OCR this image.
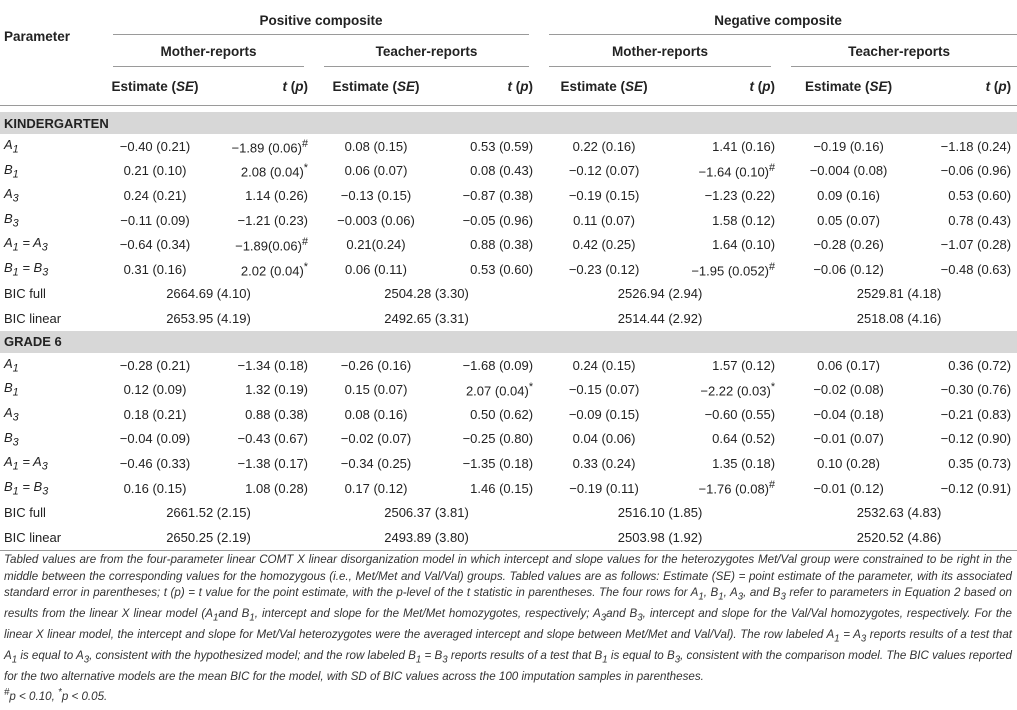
Parameter	Positive composite				Negative composite			
	Mother-reports		Teacher-reports		Mother-reports		Teacher-reports	
	Estimate (SE)	t (p)	Estimate (SE)	t (p)	Estimate (SE)	t (p)	Estimate (SE)	t (p)

KINDERGARTEN								
$A_1$	−0.40 (0.21)	−1.89 (0.06)#	0.08 (0.15)	0.53 (0.59)	0.22 (0.16)	1.41 (0.16)	−0.19 (0.16)	−1.18 (0.24)
$B_1$	0.21 (0.10)	2.08 (0.04)*	0.06 (0.07)	0.08 (0.43)	−0.12 (0.07)	−1.64 (0.10)#	−0.004 (0.08)	−0.06 (0.96)
$A_3$	0.24 (0.21)	1.14 (0.26)	−0.13 (0.15)	−0.87 (0.38)	−0.19 (0.15)	−1.23 (0.22)	0.09 (0.16)	0.53 (0.60)
$B_3$	−0.11 (0.09)	−1.21 (0.23)	−0.003 (0.06)	−0.05 (0.96)	0.11 (0.07)	1.58 (0.12)	0.05 (0.07)	0.78 (0.43)
$A_1 = A_3$	−0.64 (0.34)	−1.89(0.06)#	0.21(0.24)	0.88 (0.38)	0.42 (0.25)	1.64 (0.10)	−0.28 (0.26)	−1.07 (0.28)
$B_1 = B_3$	0.31 (0.16)	2.02 (0.04)*	0.06 (0.11)	0.53 (0.60)	−0.23 (0.12)	−1.95 (0.052)#	−0.06 (0.12)	−0.48 (0.63)
BIC full	2664.69 (4.10)		2504.28 (3.30)		2526.94 (2.94)		2529.81 (4.18)	
BIC linear	2653.95 (4.19)		2492.65 (3.31)		2514.44 (2.92)		2518.08 (4.16)	
GRADE 6								
$A_1$	−0.28 (0.21)	−1.34 (0.18)	−0.26 (0.16)	−1.68 (0.09)	0.24 (0.15)	1.57 (0.12)	0.06 (0.17)	0.36 (0.72)
$B_1$	0.12 (0.09)	1.32 (0.19)	0.15 (0.07)	2.07 (0.04)*	−0.15 (0.07)	−2.22 (0.03)*	−0.02 (0.08)	−0.30 (0.76)
$A_3$	0.18 (0.21)	0.88 (0.38)	0.08 (0.16)	0.50 (0.62)	−0.09 (0.15)	−0.60 (0.55)	−0.04 (0.18)	−0.21 (0.83)
$B_3$	−0.04 (0.09)	−0.43 (0.67)	−0.02 (0.07)	−0.25 (0.80)	0.04 (0.06)	0.64 (0.52)	−0.01 (0.07)	−0.12 (0.90)
$A_1 = A_3$	−0.46 (0.33)	−1.38 (0.17)	−0.34 (0.25)	−1.35 (0.18)	0.33 (0.24)	1.35 (0.18)	0.10 (0.28)	0.35 (0.73)
$B_1 = B_3$	0.16 (0.15)	1.08 (0.28)	0.17 (0.12)	1.46 (0.15)	−0.19 (0.11)	−1.76 (0.08)#	−0.01 (0.12)	−0.12 (0.91)
BIC full	2661.52 (2.15)		2506.37 (3.81)		2516.10 (1.85)		2532.63 (4.83)	
BIC linear	2650.25 (2.19)		2493.89 (3.80)		2503.98 (1.92)		2520.52 (4.86)	

Tabled values are from the four-parameter linear COMT X linear disorganization model in which intercept and slope values for the heterozygotes Met/Val group were constrained to be right in the middle between the corresponding values for the homozygous (i.e., Met/Met and Val/Val) groups. Tabled values are as follows: Estimate (SE) = point estimate of the parameter, with its associated standard error in parentheses; t (p) = t value for the point estimate, with the p-level of the t statistic in parentheses. The four rows for $A_1$, $B_1$, $A_3$, and $B_3$ refer to parameters in Equation 2 based on results from the linear X linear model ($A_1and$ $B_1$, intercept and slope for the Met/Met homozygotes, respectively; $A_3and$ $B_3$, intercept and slope for the Val/Val homozygotes, respectively. For the linear X linear model, the intercept and slope for Met/Val heterozygotes were the averaged intercept and slope between Met/Met and Val/Val). The row labeled $A_1 = A_3$ reports results of a test that $A_1$ is equal to $A_3$, consistent with the hypothesized model; and the row labeled $B_1 = B_3$ reports results of a test that $B_1$ is equal to $B_3$, consistent with the comparison model. The BIC values reported for the two alternative models are the mean BIC for the model, with SD of BIC values across the 100 imputation samples in parentheses.
#p < 0.10, *p < 0.05.
